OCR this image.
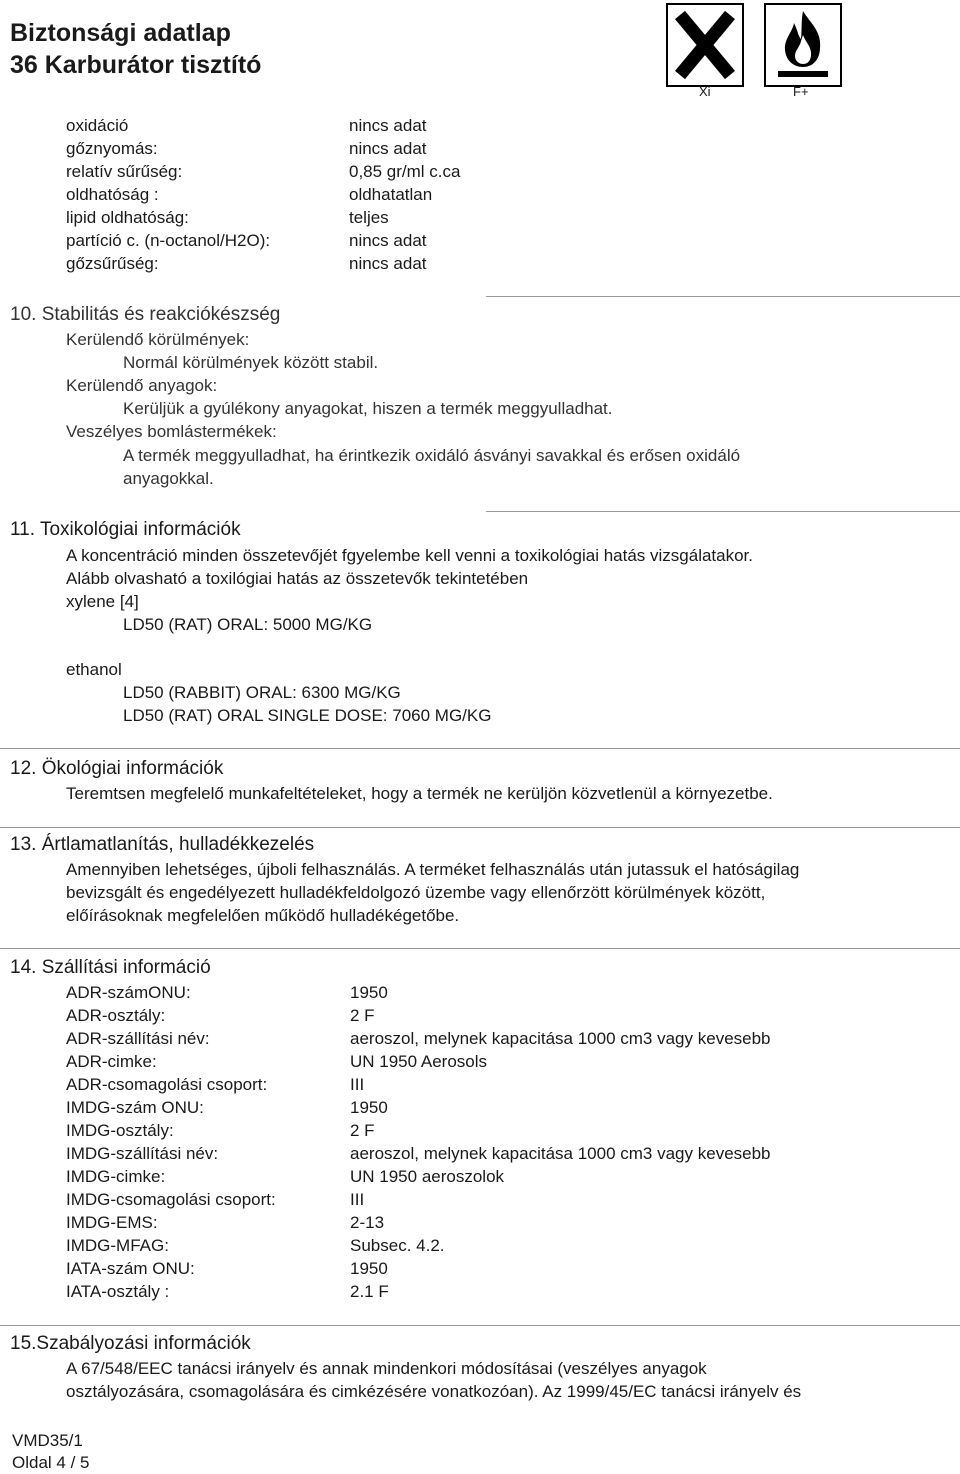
Biztonsági adatlap
36 Karburátor tisztító
Xi	F+
oxidáció	nincs adat
gőznyomás:	nincs adat
relatív sűrűség:	0,85 gr/ml c.ca
oldhatóság :	oldhatatlan
lipid oldhatóság:	teljes
partíció c. (n-octanol/H2O):	nincs adat
gőzsűrűség:	nincs adat
10. Stabilitás és reakciókészség
Kerülendő körülmények:
Normál körülmények között stabil.
Kerülendő anyagok:
Kerüljük a gyúlékony anyagokat, hiszen a termék meggyulladhat.
Veszélyes bomlástermékek:
A termék meggyulladhat, ha érintkezik oxidáló ásványi savakkal és erősen oxidáló
anyagokkal.
11. Toxikológiai információk
A koncentráció minden összetevőjét fgyelembe kell venni a toxikológiai hatás vizsgálatakor.
Alább olvasható a toxilógiai hatás az összetevők tekintetében
xylene [4]
LD50 (RAT) ORAL: 5000 MG/KG
ethanol
LD50 (RABBIT) ORAL: 6300 MG/KG
LD50 (RAT) ORAL SINGLE DOSE: 7060 MG/KG
12. Ökológiai információk
Teremtsen megfelelő munkafeltételeket, hogy a termék ne kerüljön közvetlenül a környezetbe.
13. Ártlamatlanítás, hulladékkezelés
Amennyiben lehetséges, újboli felhasználás. A terméket felhasználás után jutassuk el hatóságilag
bevizsgált és engedélyezett hulladékfeldolgozó üzembe vagy ellenőrzött körülmények között,
előírásoknak megfelelően működő hulladékégetőbe.
14. Szállítási információ
ADR-számONU:	1950
ADR-osztály:	2 F
ADR-szállítási név:	aeroszol, melynek kapacitása 1000 cm3 vagy kevesebb
ADR-cimke:	UN 1950 Aerosols
ADR-csomagolási csoport:	III
IMDG-szám ONU:	1950
IMDG-osztály:	2 F
IMDG-szállítási név:	aeroszol, melynek kapacitása 1000 cm3 vagy kevesebb
IMDG-cimke:	UN 1950 aeroszolok
IMDG-csomagolási csoport:	III
IMDG-EMS:	2-13
IMDG-MFAG:	Subsec. 4.2.
IATA-szám ONU:	1950
IATA-osztály :	2.1 F
15.Szabályozási információk
A 67/548/EEC tanácsi irányelv és annak mindenkori módosításai (veszélyes anyagok
osztályozására, csomagolására és cimkézésére vonatkozóan). Az 1999/45/EC tanácsi irányelv és
VMD35/1
Oldal 4 / 5
